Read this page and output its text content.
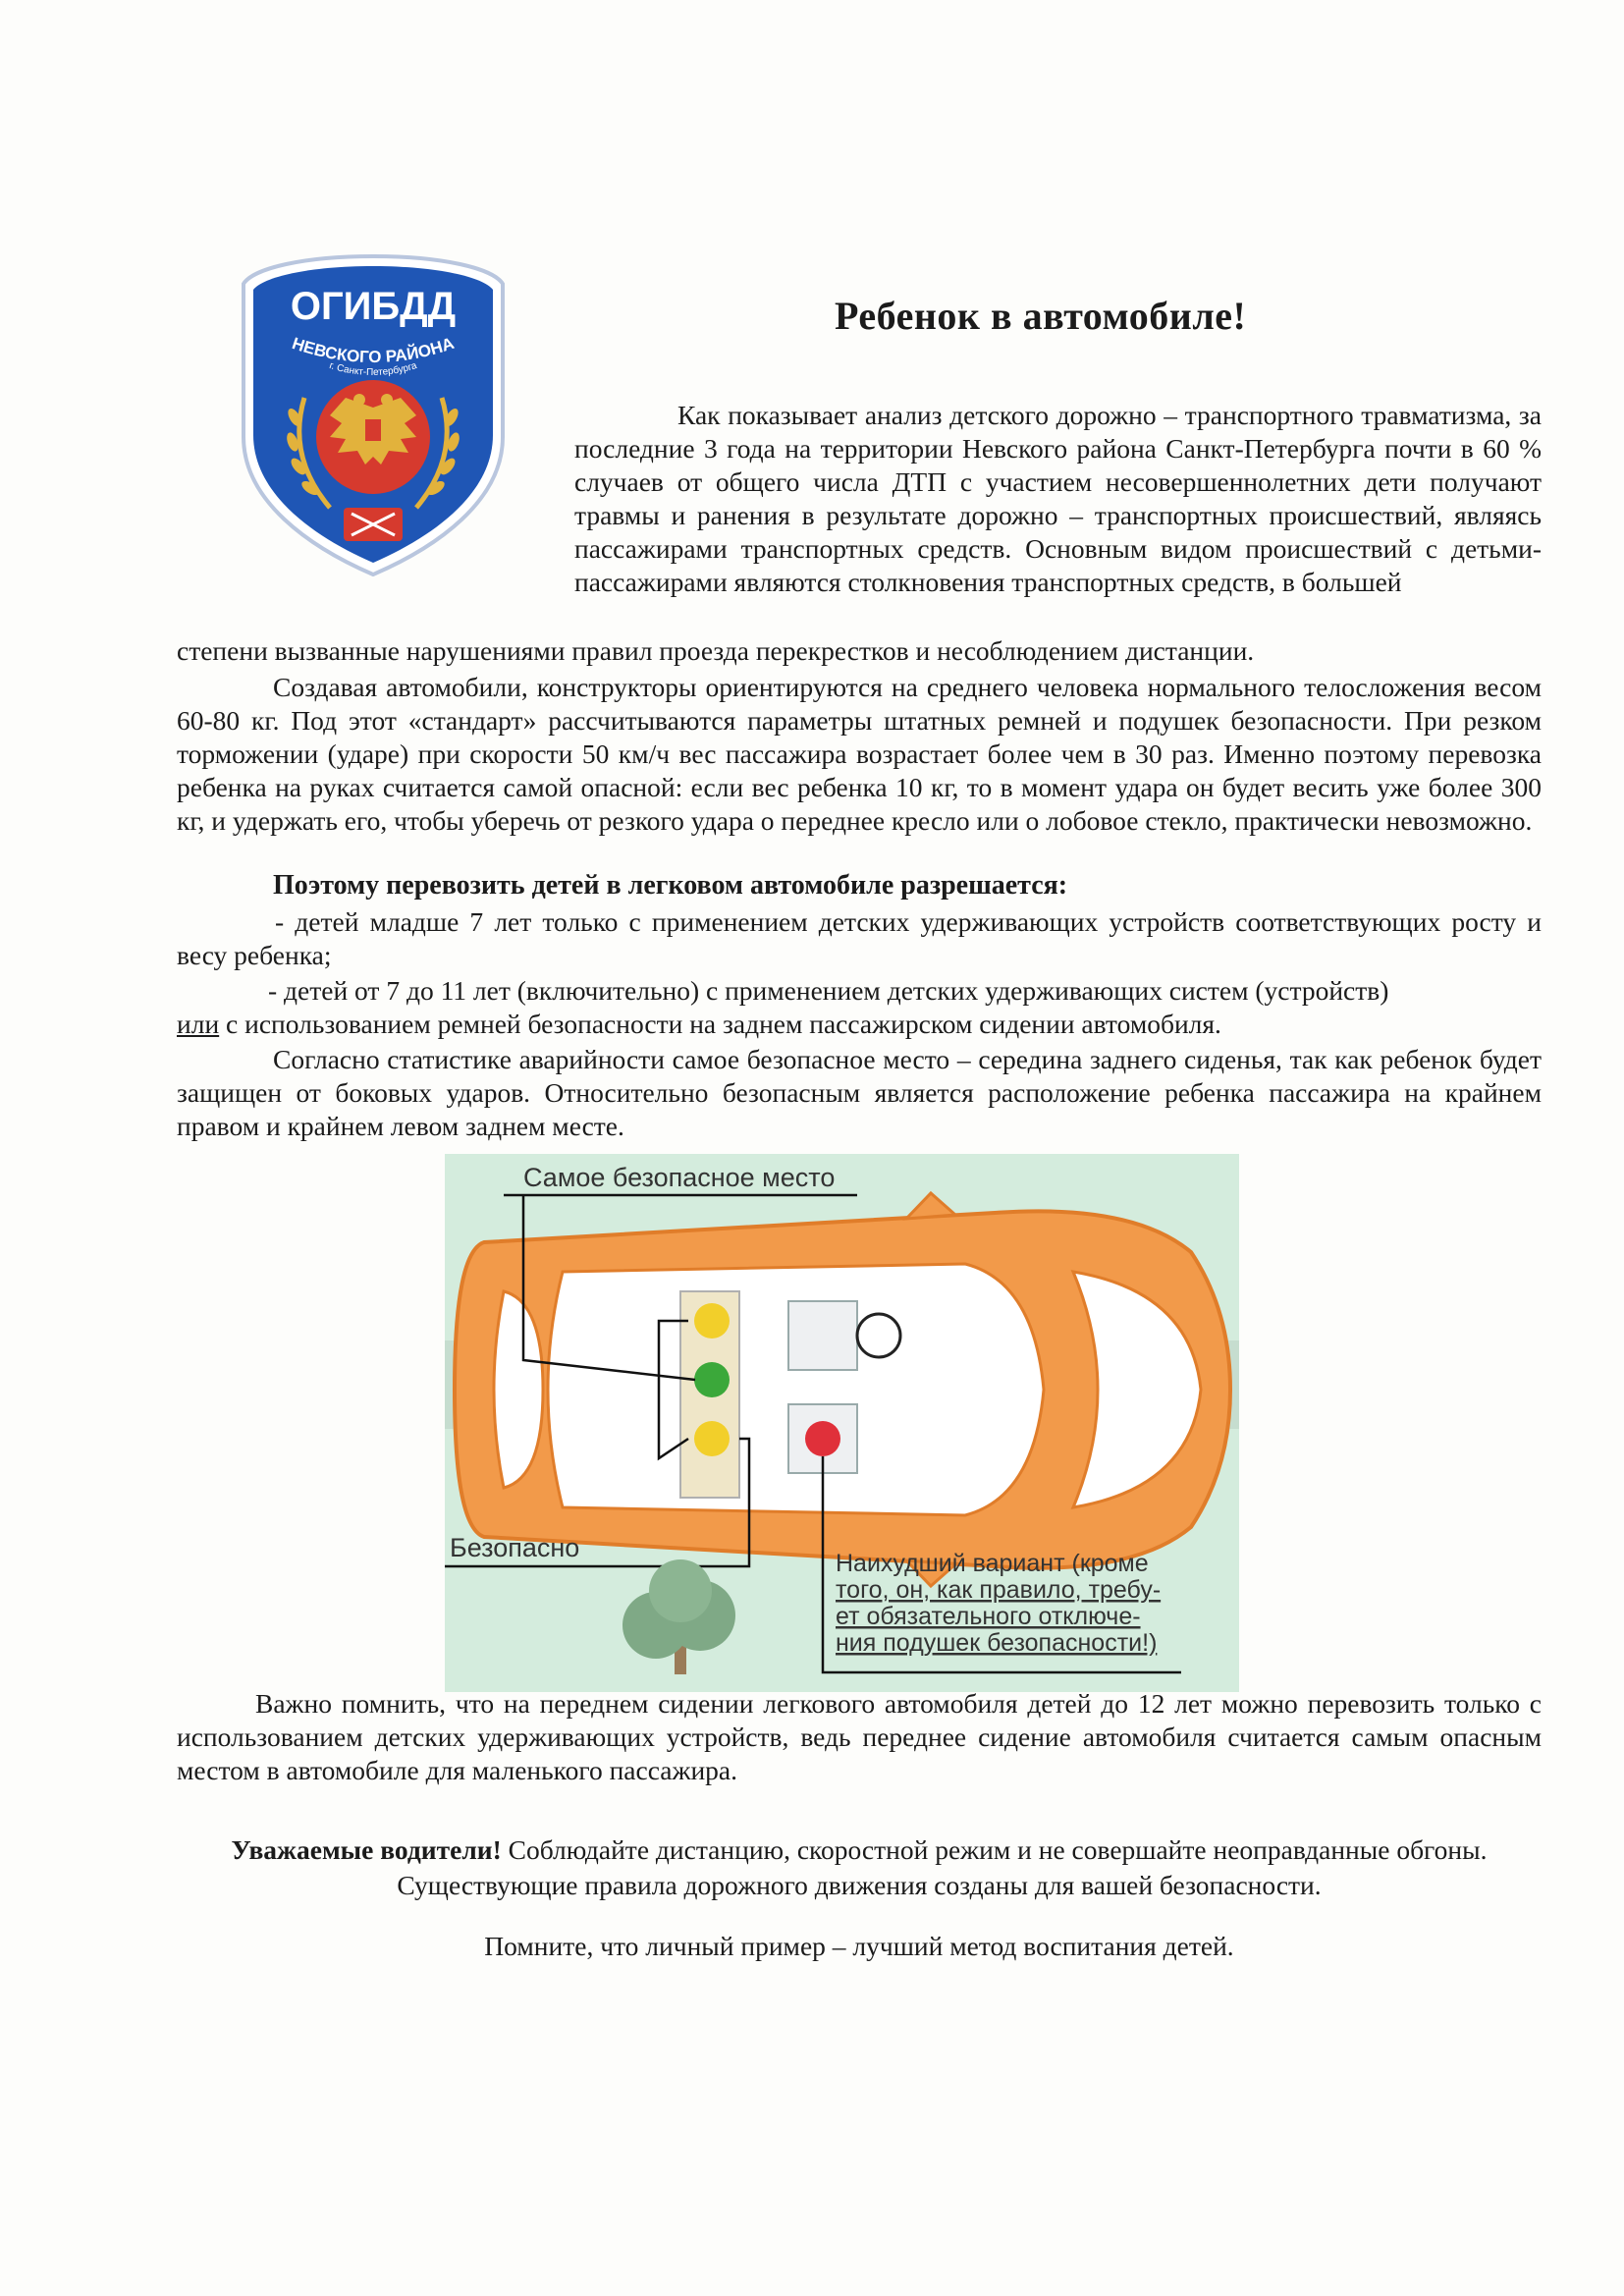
ОГИБДД
НЕВСКОГО РАЙОНА
г. Санкт-Петербурга
Ребенок в автомобиле!

Как показывает анализ детского дорожно – транспортного травматизма, за последние 3 года на территории Невского района Санкт-Петербурга почти в 60 % случаев от общего числа ДТП с участием несовершеннолетних дети получают травмы и ранения в результате дорожно – транспортных происшествий, являясь пассажирами транспортных средств. Основным видом происшествий с детьми-пассажирами являются столкновения транспортных средств, в большей

степени вызванные нарушениями правил проезда перекрестков и несоблюдением дистанции.

Создавая автомобили, конструкторы ориентируются на среднего человека нормального телосложения весом 60-80 кг. Под этот «стандарт» рассчитываются параметры штатных ремней и подушек безопасности. При резком торможении (ударе) при скорости 50 км/ч вес пассажира возрастает более чем в 30 раз. Именно поэтому перевозка ребенка на руках считается самой опасной: если вес ребенка 10 кг, то в момент удара он будет весить уже более 300 кг, и удержать его, чтобы уберечь от резкого удара о переднее кресло или о лобовое стекло, практически невозможно.

Поэтому перевозить детей в легковом автомобиле разрешается:

- детей младше 7 лет только с применением детских удерживающих устройств соответствующих росту и весу ребенка;

- детей от 7 до 11 лет (включительно) с применением детских удерживающих систем (устройств)
или с использованием ремней безопасности на заднем пассажирском сидении автомобиля.

Согласно статистике аварийности самое безопасное место – середина заднего сиденья, так как ребенок будет защищен от боковых ударов. Относительно безопасным является расположение ребенка пассажира на крайнем правом и крайнем левом заднем месте.

Самое безопасное место
Безопасно
Наихудший вариант (кроме
того, он, как правило, требу-
ет обязательного отключе-
ния подушек безопасности!)

Важно помнить, что на переднем сидении легкового автомобиля детей до 12 лет можно перевозить только с использованием детских удерживающих устройств, ведь переднее сидение автомобиля считается самым опасным местом в автомобиле для маленького пассажира.

Уважаемые водители! Соблюдайте дистанцию, скоростной режим и не совершайте неоправданные обгоны. Существующие правила дорожного движения созданы для вашей безопасности.

Помните, что личный пример – лучший метод воспитания детей.
